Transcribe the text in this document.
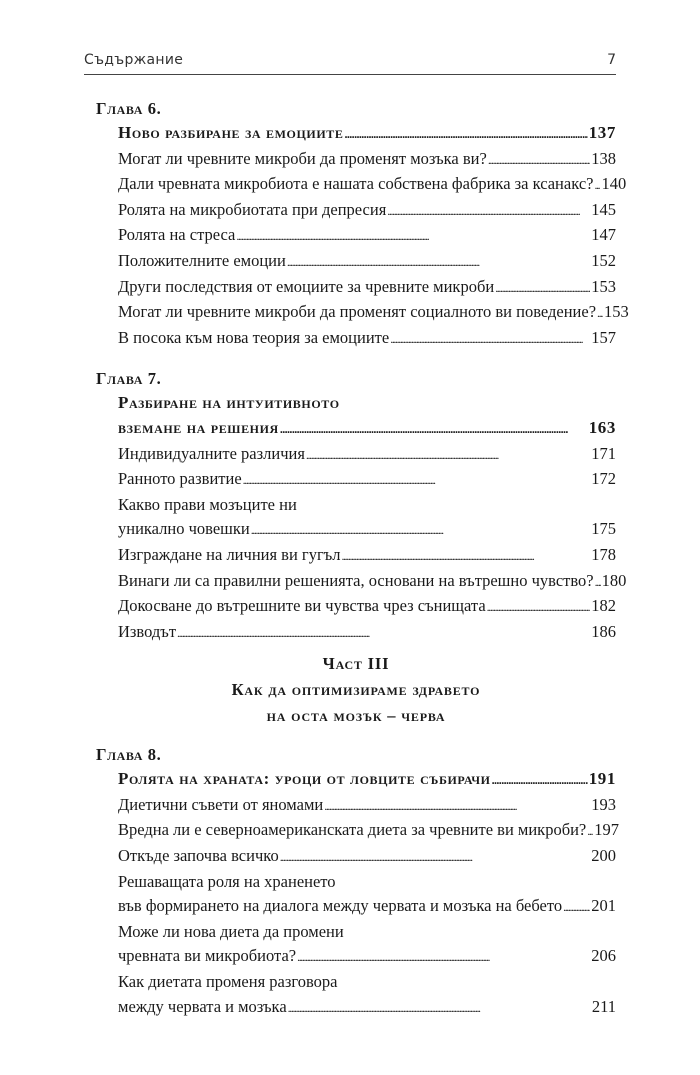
Съдържание	7
Глава 6.
Ново разбиране за емоциите . . .	137
Могат ли чревните микроби да променят мозъка ви? . . .	138
Дали чревната микробиота е нашата собствена фабрика за ксанакс? . . . 140
Ролята на микробиотата при депресия . . .	145
Ролята на стреса . . .	147
Положителните емоции . . .	152
Други последствия от емоциите за чревните микроби . . .	153
Могат ли чревните микроби да променят социалното ви поведение? . . . 153
В посока към нова теория за емоциите . . .	157
Глава 7.
Разбиране на интуитивното
вземане на решения . . .	163
Индивидуалните различия . . .	171
Ранното развитие . . .	172
Какво прави мозъците ни
уникално човешки . . .	175
Изграждане на личния ви гугъл . . .	178
Винаги ли са правилни решенията, основани на вътрешно чувство? . . . 180
Докосване до вътрешните ви чувства чрез сънищата . . .	182
Изводът . . .	186
Част III
Как да оптимизираме здравето
на оста мозък – черва
Глава 8.
Ролята на храната: уроци от ловците събирачи . . .	191
Диетични съвети от яномами . . .	193
Вредна ли е северноамериканската диета за чревните ви микроби? . . . 197
Откъде започва всичко . . .	200
Решаващата роля на храненето
във формирането на диалога между червата и мозъка на бебето . . . 201
Може ли нова диета да промени
чревната ви микробиота? . . .	206
Как диетата променя разговора
между червата и мозъка . . .	211
